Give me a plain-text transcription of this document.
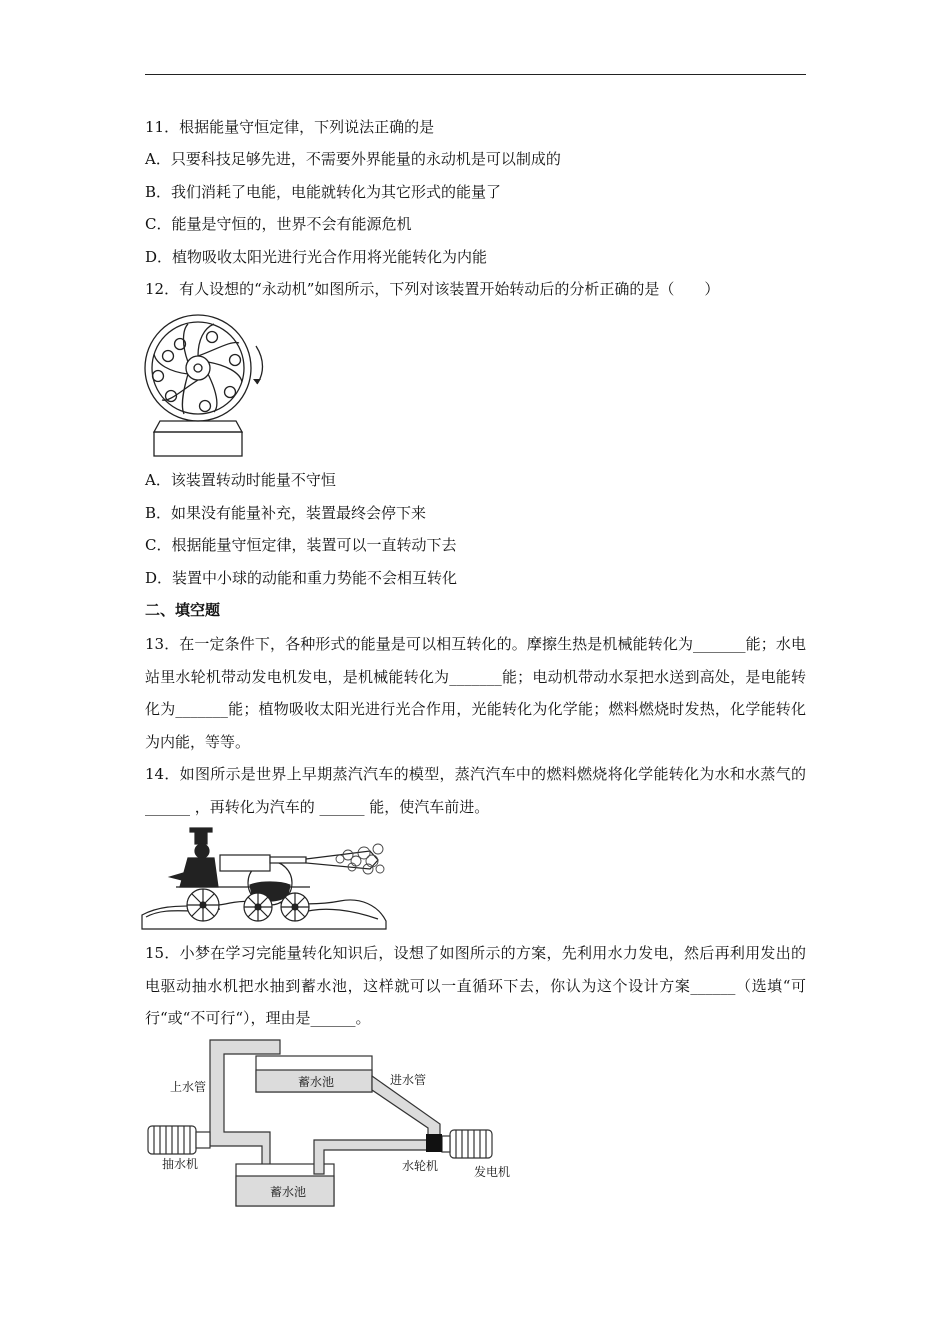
11．根据能量守恒定律，下列说法正确的是
A．只要科技足够先进，不需要外界能量的永动机是可以制成的
B．我们消耗了电能，电能就转化为其它形式的能量了
C．能量是守恒的，世界不会有能源危机
D．植物吸收太阳光进行光合作用将光能转化为内能
12．有人设想的“永动机”如图所示，下列对该装置开始转动后的分析正确的是（　　）
A．该装置转动时能量不守恒
B．如果没有能量补充，装置最终会停下来
C．根据能量守恒定律，装置可以一直转动下去
D．装置中小球的动能和重力势能不会相互转化
二、填空题
13．在一定条件下，各种形式的能量是可以相互转化的。摩擦生热是机械能转化为_______能；水电站里水轮机带动发电机发电，是机械能转化为_______能；电动机带动水泵把水送到高处，是电能转化为_______能；植物吸收太阳光进行光合作用，光能转化为化学能；燃料燃烧时发热，化学能转化为内能，等等。
14．如图所示是世界上早期蒸汽汽车的模型，蒸汽汽车中的燃料燃烧将化学能转化为水和水蒸气的 ______ ，再转化为汽车的 ______ 能，使汽车前进。
15．小梦在学习完能量转化知识后，设想了如图所示的方案，先利用水力发电，然后再利用发出的电驱动抽水机把水抽到蓄水池，这样就可以一直循环下去，你认为这个设计方案______（选填“可行“或“不可行“），理由是______。
上水管	蓄水池	进水管
抽水机	水轮机	发电机
蓄水池
